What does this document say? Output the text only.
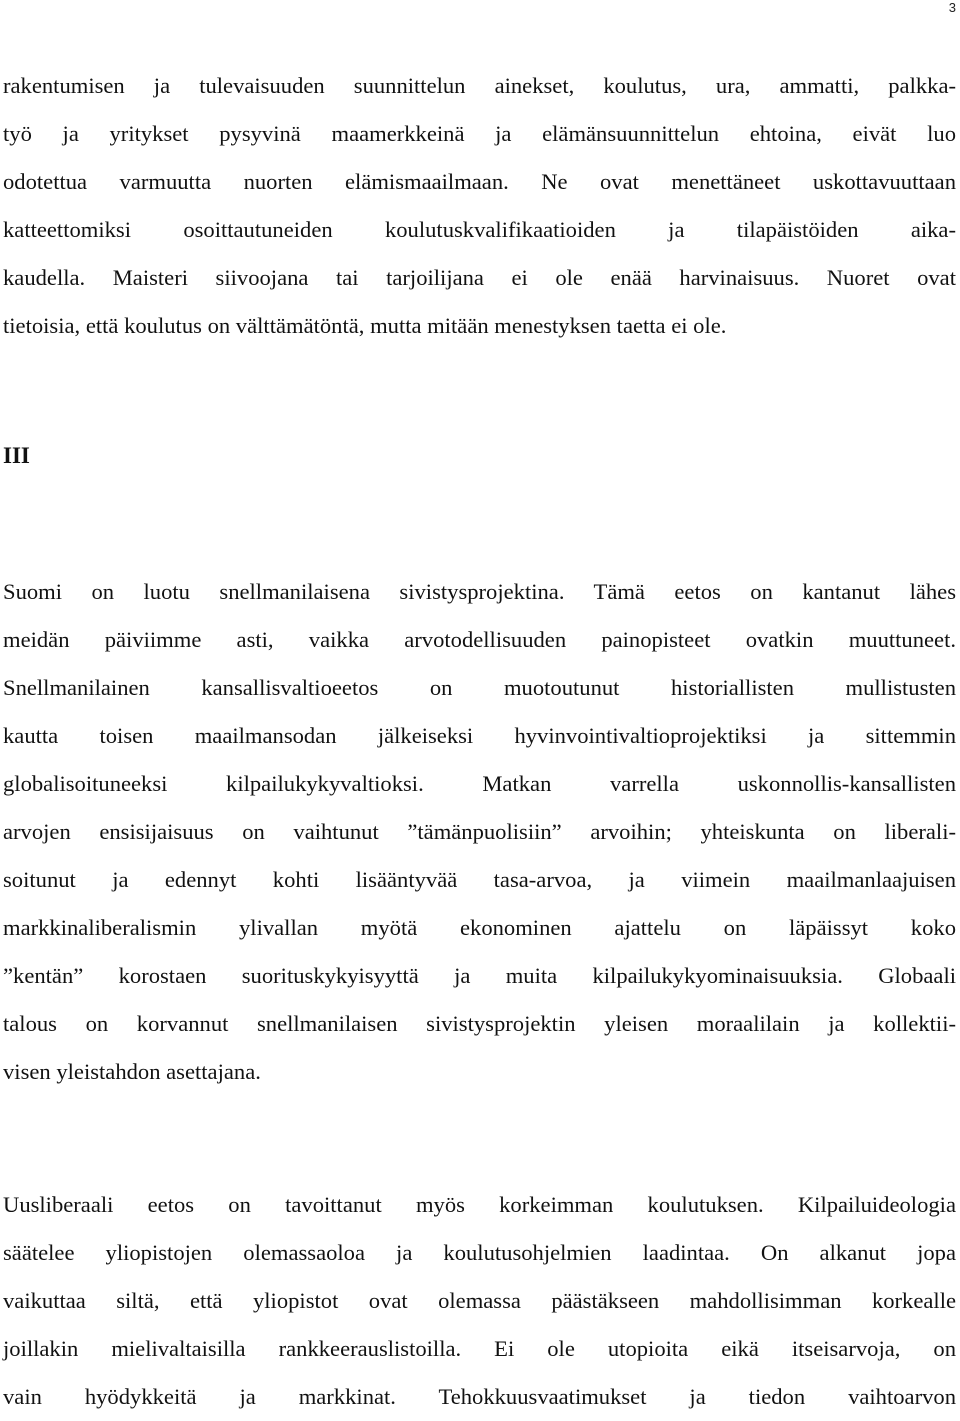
3
rakentumisen ja tulevaisuuden suunnittelun ainekset, koulutus, ura, ammatti, palkka-
työ ja yritykset pysyvinä maamerkkeinä ja elämänsuunnittelun ehtoina, eivät luo
odotettua varmuutta nuorten elämismaailmaan. Ne ovat menettäneet uskottavuuttaan
katteettomiksi osoittautuneiden koulutuskvalifikaatioiden ja tilapäistöiden aika-
kaudella. Maisteri siivoojana tai tarjoilijana ei ole enää harvinaisuus. Nuoret ovat
tietoisia, että koulutus on välttämätöntä, mutta mitään menestyksen taetta ei ole.
III
Suomi on luotu snellmanilaisena sivistysprojektina. Tämä eetos on kantanut lähes
meidän päiviimme asti, vaikka arvotodellisuuden painopisteet ovatkin muuttuneet.
Snellmanilainen kansallisvaltioeetos on muotoutunut historiallisten mullistusten
kautta toisen maailmansodan jälkeiseksi hyvinvointivaltioprojektiksi ja sittemmin
globalisoituneeksi kilpailukykyvaltioksi. Matkan varrella uskonnollis-kansallisten
arvojen ensisijaisuus on vaihtunut ”tämänpuolisiin” arvoihin; yhteiskunta on liberali-
soitunut ja edennyt kohti lisääntyvää tasa-arvoa, ja viimein maailmanlaajuisen
markkinaliberalismin ylivallan myötä ekonominen ajattelu on läpäissyt koko
”kentän” korostaen suorituskykyisyyttä ja muita kilpailukykyominaisuuksia. Globaali
talous on korvannut snellmanilaisen sivistysprojektin yleisen moraalilain ja kollektii-
visen yleistahdon asettajana.
Uusliberaali eetos on tavoittanut myös korkeimman koulutuksen. Kilpailuideologia
säätelee yliopistojen olemassaoloa ja koulutusohjelmien laadintaa. On alkanut jopa
vaikuttaa siltä, että yliopistot ovat olemassa päästäkseen mahdollisimman korkealle
joillakin mielivaltaisilla rankkeerauslistoilla. Ei ole utopioita eikä itseisarvoja, on
vain hyödykkeitä ja markkinat. Tehokkuusvaatimukset ja tiedon vaihtoarvon
